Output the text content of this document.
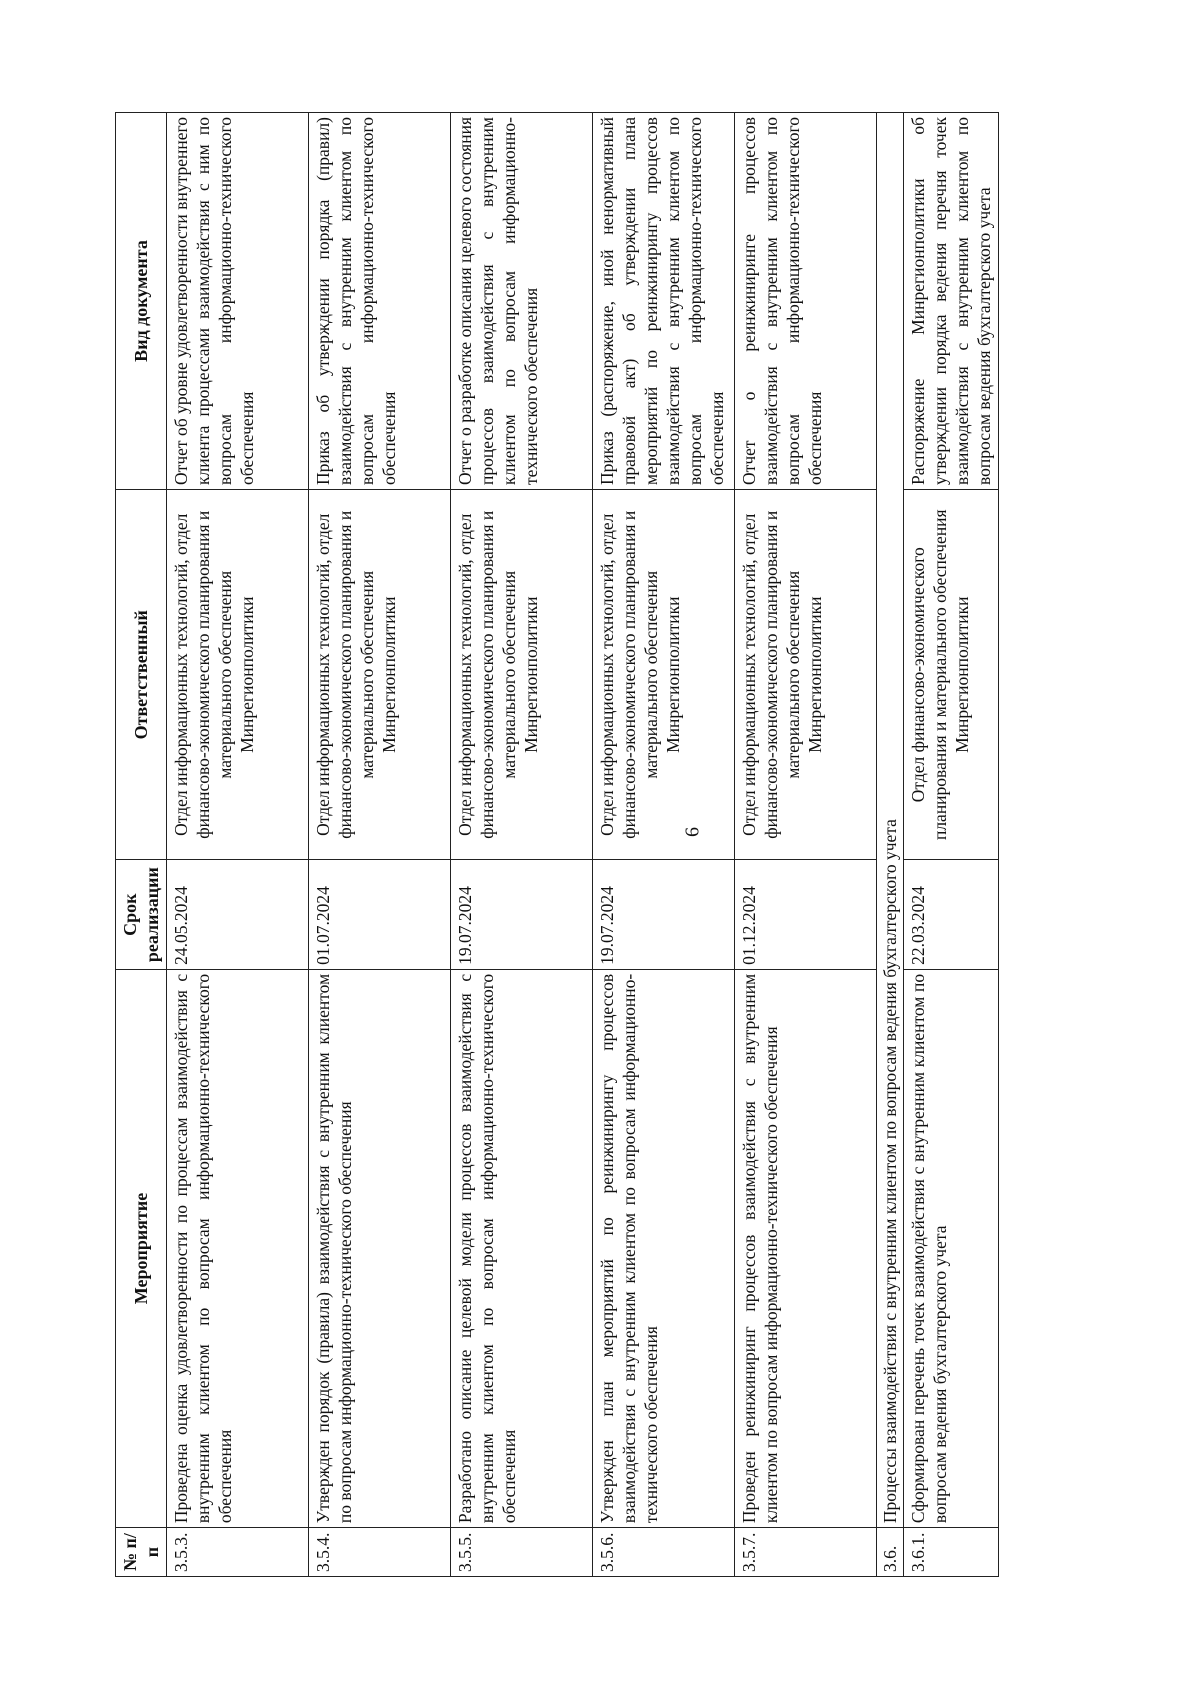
6
№ п/п	Мероприятие	Срок реализации	Ответственный	Вид документа
3.5.3.	Проведена оценка удовлетворенности по процессам взаимодействия с внутренним клиентом по вопросам информационно-технического обеспечения	24.05.2024	Отдел информационных технологий, отдел финансово-экономического планирования и материального обеспечения Минрегионполитики	Отчет об уровне удовлетворенности внутреннего клиента процессами взаимодействия с ним по вопросам информационно-технического обеспечения
3.5.4.	Утвержден порядок (правила) взаимодействия с внутренним клиентом по вопросам информационно-технического обеспечения	01.07.2024	Отдел информационных технологий, отдел финансово-экономического планирования и материального обеспечения Минрегионполитики	Приказ об утверждении порядка (правил) взаимодействия с внутренним клиентом по вопросам информационно-технического обеспечения
3.5.5.	Разработано описание целевой модели процессов взаимодействия с внутренним клиентом по вопросам информационно-технического обеспечения	19.07.2024	Отдел информационных технологий, отдел финансово-экономического планирования и материального обеспечения Минрегионполитики	Отчет о разработке описания целевого состояния процессов взаимодействия с внутренним клиентом по вопросам информационно-технического обеспечения
3.5.6.	Утвержден план мероприятий по реинжинирингу процессов взаимодействия с внутренним клиентом по вопросам информационно-технического обеспечения	19.07.2024	Отдел информационных технологий, отдел финансово-экономического планирования и материального обеспечения Минрегионполитики	Приказ (распоряжение, иной ненормативный правовой акт) об утверждении плана мероприятий по реинжинирингу процессов взаимодействия с внутренним клиентом по вопросам информационно-технического обеспечения
3.5.7.	Проведен реинжиниринг процессов взаимодействия с внутренним клиентом по вопросам информационно-технического обеспечения	01.12.2024	Отдел информационных технологий, отдел финансово-экономического планирования и материального обеспечения Минрегионполитики	Отчет о реинжиниринге процессов взаимодействия с внутренним клиентом по вопросам информационно-технического обеспечения
3.6.	Процессы взаимодействия с внутренним клиентом по вопросам ведения бухгалтерского учета			
3.6.1.	Сформирован перечень точек взаимодействия с внутренним клиентом по вопросам ведения бухгалтерского учета	22.03.2024	Отдел финансово-экономического планирования и материального обеспечения Минрегионполитики	Распоряжение Минрегионполитики об утверждении порядка ведения перечня точек взаимодействия с внутренним клиентом по вопросам ведения бухгалтерского учета
